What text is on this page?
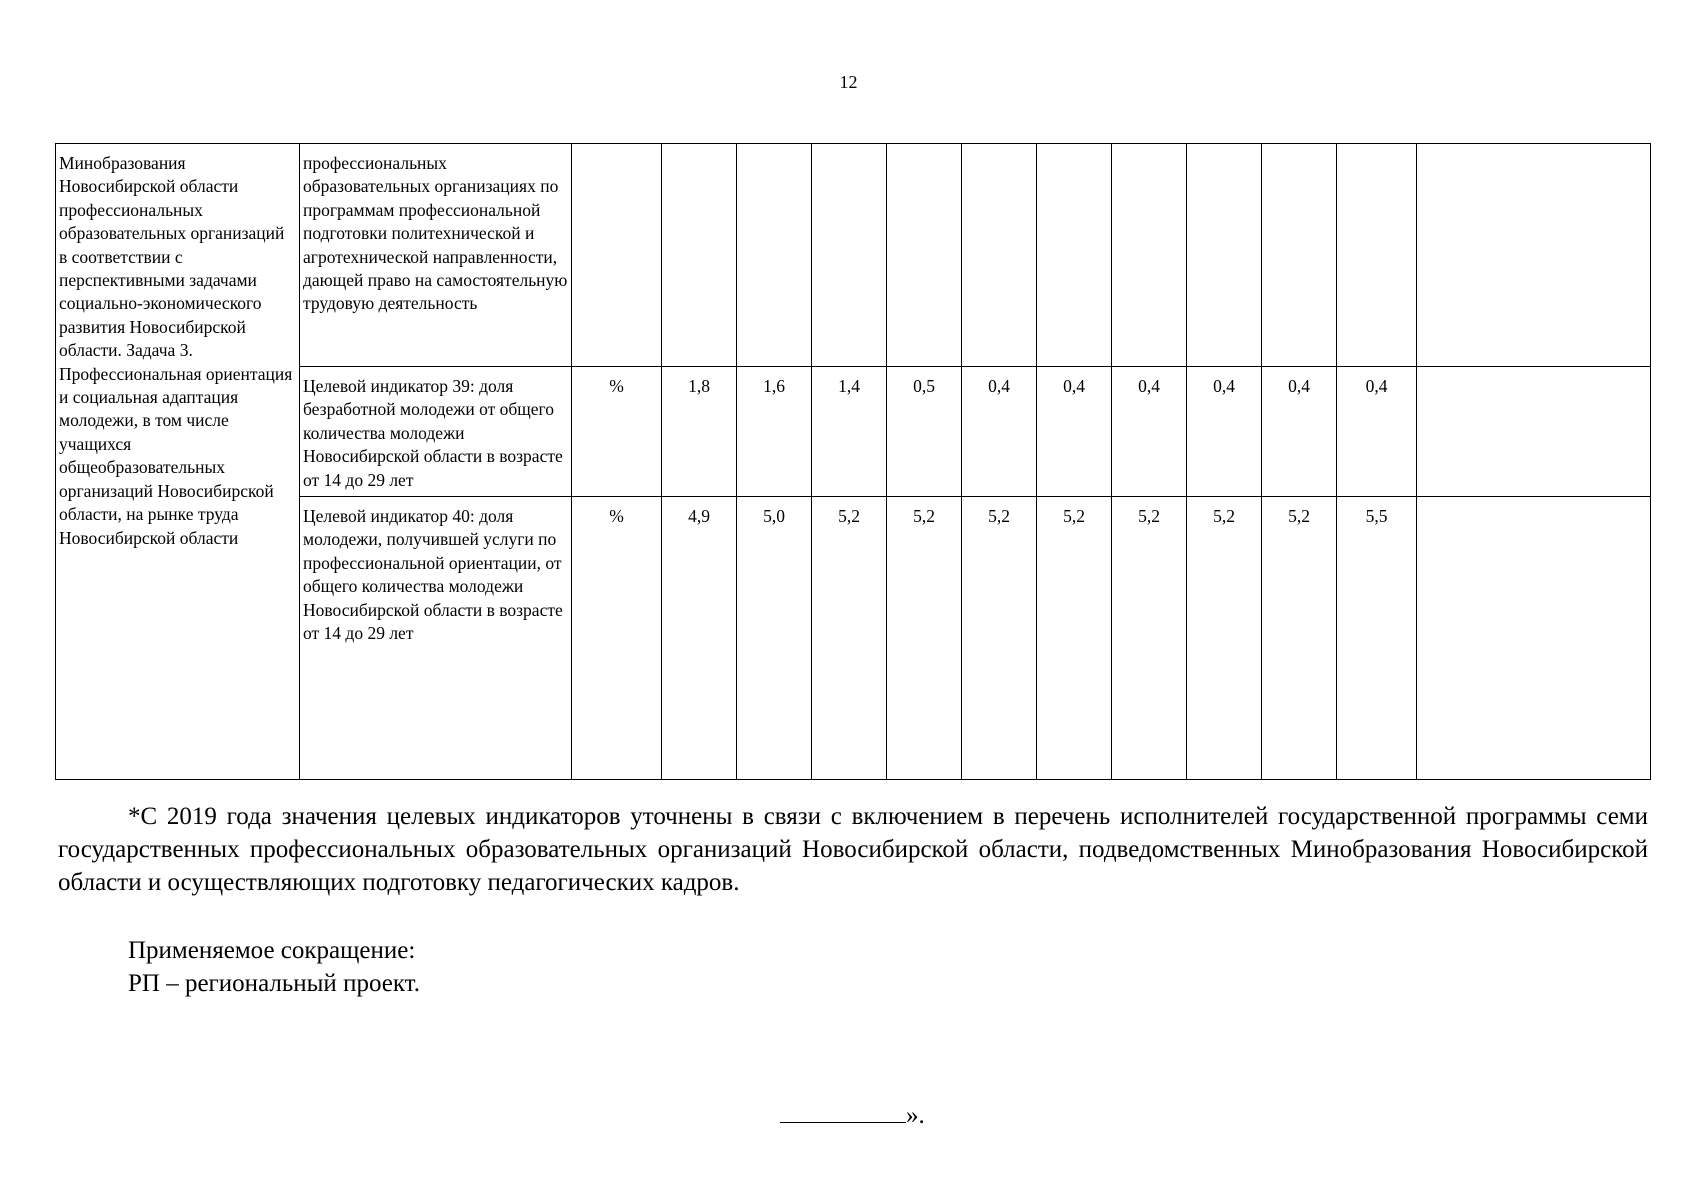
12
Минобразования Новосибирской области профессиональных образовательных организаций в соответствии с перспективными задачами социально-экономического развития Новосибирской области. Задача 3. Профессиональная ориентация и социальная адаптация молодежи, в том числе учащихся общеобразовательных организаций Новосибирской области, на рынке труда Новосибирской области	профессиональных образовательных организациях по программам профессиональной подготовки политехнической и агротехнической направленности, дающей право на самостоятельную трудовую деятельность												
	Целевой индикатор 39: доля безработной молодежи от общего количества молодежи Новосибирской области в возрасте от 14 до 29 лет	%	1,8	1,6	1,4	0,5	0,4	0,4	0,4	0,4	0,4	0,4	
	Целевой индикатор 40: доля молодежи, получившей услуги по профессиональной ориентации, от общего количества молодежи Новосибирской области в возрасте от 14 до 29 лет	%	4,9	5,0	5,2	5,2	5,2	5,2	5,2	5,2	5,2	5,5	
*С 2019 года значения целевых индикаторов уточнены в связи с включением в перечень исполнителей государственной программы семи государственных профессиональных образовательных организаций Новосибирской области, подведомственных Минобразования Новосибирской области и осуществляющих подготовку педагогических кадров.
Применяемое сокращение:
РП – региональный проект.
».
